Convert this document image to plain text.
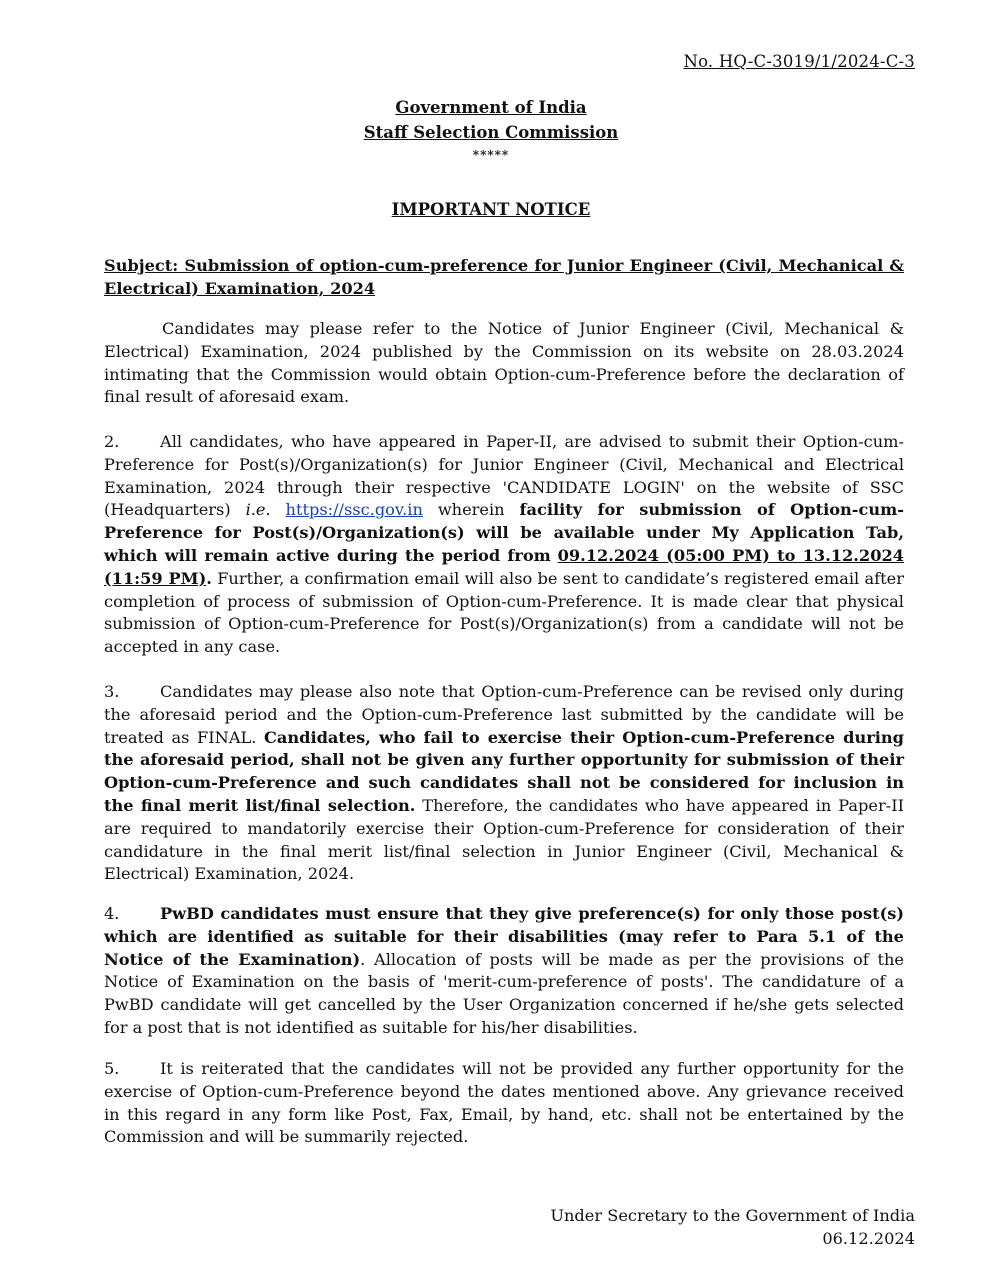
No. HQ-C-3019/1/2024-C-3
Government of India
Staff Selection Commission
*****
IMPORTANT NOTICE
Subject: Submission of option-cum-preference for Junior Engineer (Civil, Mechanical & Electrical) Examination, 2024
Candidates may please refer to the Notice of Junior Engineer (Civil, Mechanical & Electrical) Examination, 2024 published by the Commission on its website on 28.03.2024 intimating that the Commission would obtain Option-cum-Preference before the declaration of final result of aforesaid exam.
2.	All candidates, who have appeared in Paper-II, are advised to submit their Option-cum-Preference for Post(s)/Organization(s) for Junior Engineer (Civil, Mechanical and Electrical Examination, 2024 through their respective 'CANDIDATE LOGIN' on the website of SSC (Headquarters) i.e. https://ssc.gov.in wherein facility for submission of Option-cum-Preference for Post(s)/Organization(s) will be available under My Application Tab, which will remain active during the period from 09.12.2024 (05:00 PM) to 13.12.2024 (11:59 PM). Further, a confirmation email will also be sent to candidate’s registered email after completion of process of submission of Option-cum-Preference. It is made clear that physical submission of Option-cum-Preference for Post(s)/Organization(s) from a candidate will not be accepted in any case.
3.	Candidates may please also note that Option-cum-Preference can be revised only during the aforesaid period and the Option-cum-Preference last submitted by the candidate will be treated as FINAL. Candidates, who fail to exercise their Option-cum-Preference during the aforesaid period, shall not be given any further opportunity for submission of their Option-cum-Preference and such candidates shall not be considered for inclusion in the final merit list/final selection. Therefore, the candidates who have appeared in Paper-II are required to mandatorily exercise their Option-cum-Preference for consideration of their candidature in the final merit list/final selection in Junior Engineer (Civil, Mechanical & Electrical) Examination, 2024.
4.	PwBD candidates must ensure that they give preference(s) for only those post(s) which are identified as suitable for their disabilities (may refer to Para 5.1 of the Notice of the Examination). Allocation of posts will be made as per the provisions of the Notice of Examination on the basis of 'merit-cum-preference of posts'. The candidature of a PwBD candidate will get cancelled by the User Organization concerned if he/she gets selected for a post that is not identified as suitable for his/her disabilities.
5.	It is reiterated that the candidates will not be provided any further opportunity for the exercise of Option-cum-Preference beyond the dates mentioned above. Any grievance received in this regard in any form like Post, Fax, Email, by hand, etc. shall not be entertained by the Commission and will be summarily rejected.
Under Secretary to the Government of India
06.12.2024
